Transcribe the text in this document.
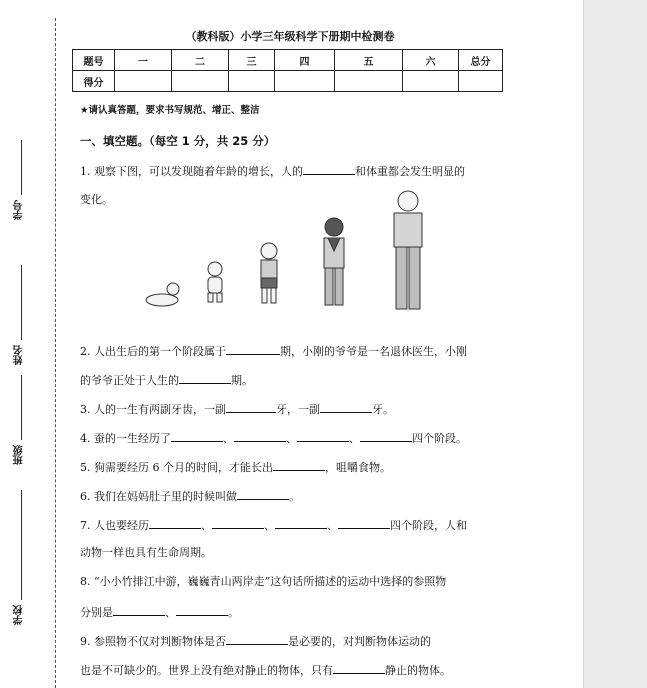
学号
姓名
班级
学校
（教科版）小学三年级科学下册期中检测卷
题号	一	二	三	四	五	六	总分
得分							
★请认真答题，要求书写规范、增正、整洁
一、填空题。（每空 1 分，共 25 分）
1. 观察下图，可以发现随着年龄的增长，人的	和体重都会发生明显的
变化。
2. 人出生后的第一个阶段属于	期，小刚的爷爷是一名退休医生，小刚
的爷爷正处于人生的	期。
3. 人的一生有两副牙齿，一副	牙，一副	牙。
4. 蚕的一生经历了	、	、	、	四个阶段。
5. 狗需要经历 6 个月的时间，才能长出	，咀嚼食物。
6. 我们在妈妈肚子里的时候叫做	。
7. 人也要经历	、	、	、	四个阶段，人和
动物一样也具有生命周期。
8. “小小竹排江中游，巍巍青山两岸走”这句话所描述的运动中选择的参照物
分别是	、	。
9. 参照物不仅对判断物体是否	是必要的，对判断物体运动的
也是不可缺少的。世界上没有绝对静止的物体，只有	静止的物体。
